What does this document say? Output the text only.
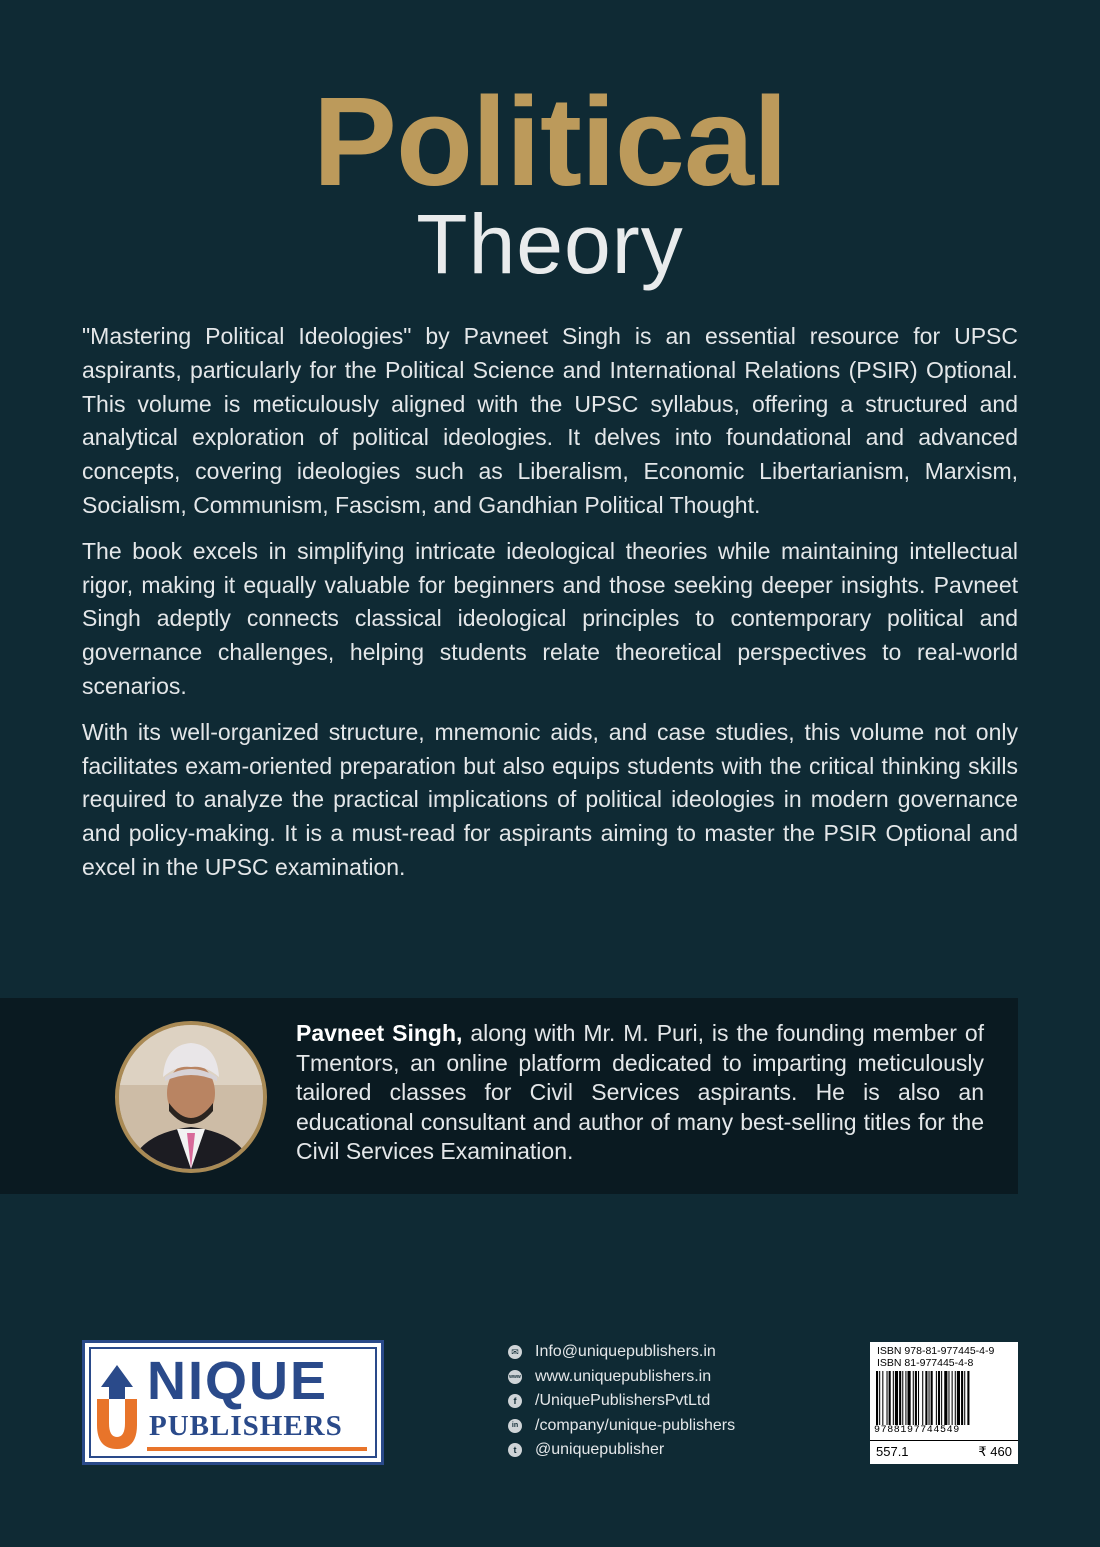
Political
Theory

"Mastering Political Ideologies" by Pavneet Singh is an essential resource for UPSC aspirants, particularly for the Political Science and International Relations (PSIR) Optional. This volume is meticulously aligned with the UPSC syllabus, offering a structured and analytical exploration of political ideologies. It delves into foundational and advanced concepts, covering ideologies such as Liberalism, Economic Libertarianism, Marxism, Socialism, Communism, Fascism, and Gandhian Political Thought.

The book excels in simplifying intricate ideological theories while maintaining intellectual rigor, making it equally valuable for beginners and those seeking deeper insights. Pavneet Singh adeptly connects classical ideological principles to contemporary political and governance challenges, helping students relate theoretical perspectives to real-world scenarios.

With its well-organized structure, mnemonic aids, and case studies, this volume not only facilitates exam-oriented preparation but also equips students with the critical thinking skills required to analyze the practical implications of political ideologies in modern governance and policy-making. It is a must-read for aspirants aiming to master the PSIR Optional and excel in the UPSC examination.

Pavneet Singh, along with Mr. M. Puri, is the founding member of Tmentors, an online platform dedicated to imparting meticulously tailored classes for Civil Services aspirants. He is also an educational consultant and author of many best-selling titles for the Civil Services Examination.
NIQUE
PUBLISHERS
✉ Info@uniquepublishers.in
www www.uniquepublishers.in
f	/UniquePublishersPvtLtd
in /company/unique-publishers
t	@uniquepublisher
ISBN 978-81-977445-4-9
ISBN 81-977445-4-8
9788197744549
557.1	₹ 460
